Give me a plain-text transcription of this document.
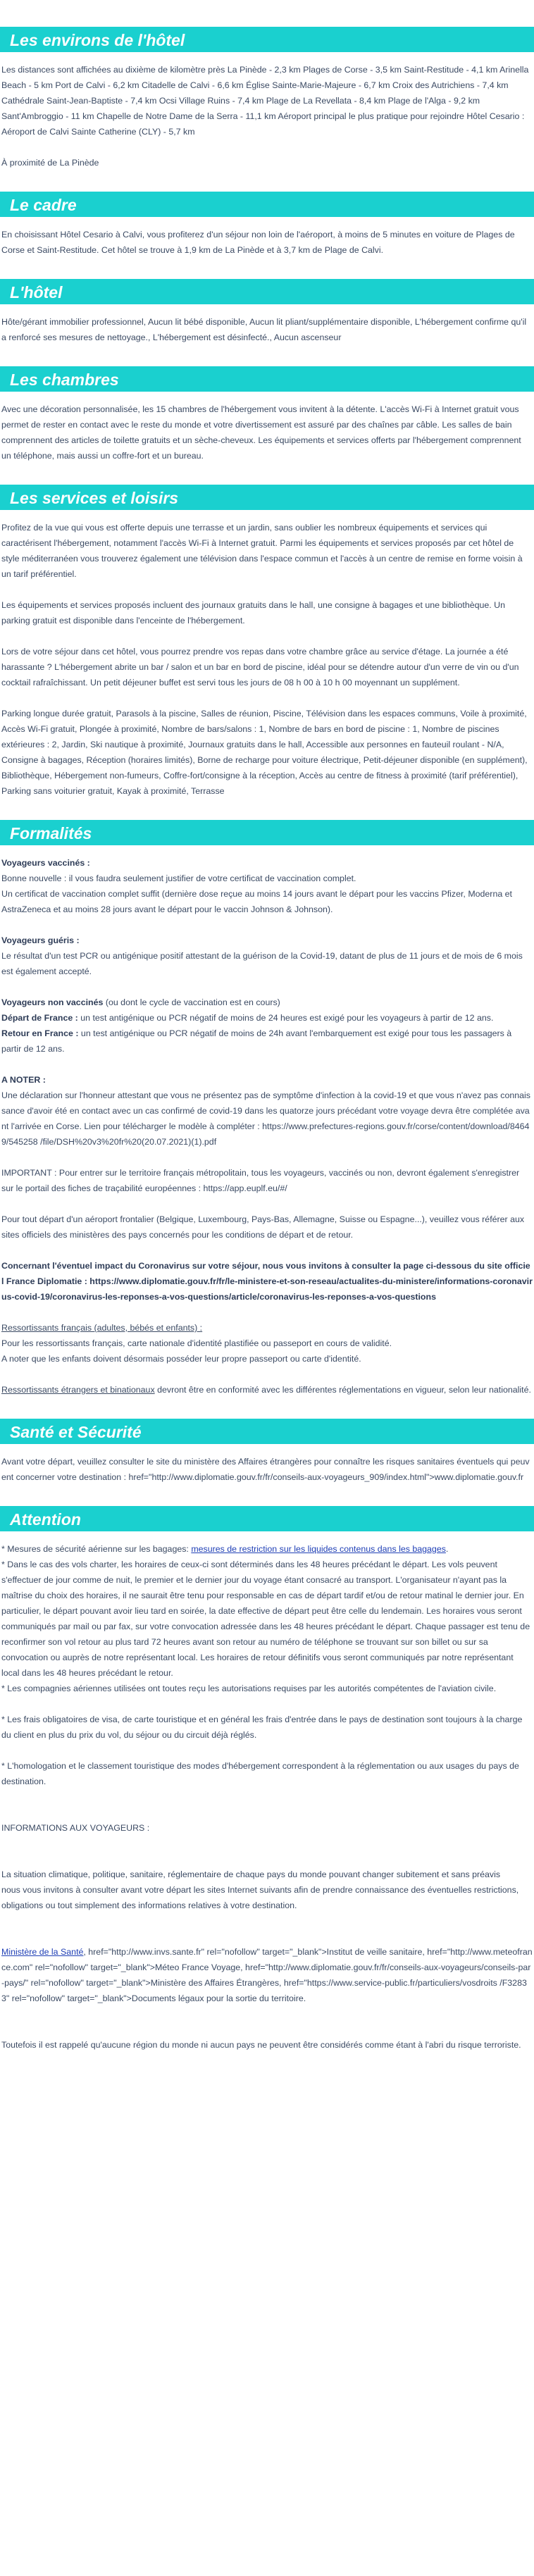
Les environs de l'hôtel

Les distances sont affichées au dixième de kilomètre près La Pinède - 2,3 km Plages de Corse - 3,5 km Saint-Restitude - 4,1 km Arinella Beach - 5 km Port de Calvi - 6,2 km Citadelle de Calvi - 6,6 km Église Sainte-Marie-Majeure - 6,7 km Croix des Autrichiens - 7,4 km Cathédrale Saint-Jean-Baptiste - 7,4 km Ocsi Village Ruins - 7,4 km Plage de La Revellata - 8,4 km Plage de l'Alga - 9,2 km Sant'Ambroggio - 11 km Chapelle de Notre Dame de la Serra - 11,1 km Aéroport principal le plus pratique pour rejoindre Hôtel Cesario : Aéroport de Calvi Sainte Catherine (CLY) - 5,7 km

À proximité de La Pinède

Le cadre

En choisissant Hôtel Cesario à Calvi, vous profiterez d'un séjour non loin de l'aéroport, à moins de 5 minutes en voiture de Plages de Corse et Saint-Restitude. Cet hôtel se trouve à 1,9 km de La Pinède et à 3,7 km de Plage de Calvi.

L'hôtel

Hôte/gérant immobilier professionnel, Aucun lit bébé disponible, Aucun lit pliant/supplémentaire disponible, L'hébergement confirme qu'il a renforcé ses mesures de nettoyage., L'hébergement est désinfecté., Aucun ascenseur

Les chambres

Avec une décoration personnalisée, les 15 chambres de l'hébergement vous invitent à la détente. L'accès Wi-Fi à Internet gratuit vous permet de rester en contact avec le reste du monde et votre divertissement est assuré par des chaînes par câble. Les salles de bain comprennent des articles de toilette gratuits et un sèche-cheveux. Les équipements et services offerts par l'hébergement comprennent un téléphone, mais aussi un coffre-fort et un bureau.

Les services et loisirs

Profitez de la vue qui vous est offerte depuis une terrasse et un jardin, sans oublier les nombreux équipements et services qui caractérisent l'hébergement, notamment l'accès Wi-Fi à Internet gratuit. Parmi les équipements et services proposés par cet hôtel de style méditerranéen vous trouverez également une télévision dans l'espace commun et l'accès à un centre de remise en forme voisin à un tarif préférentiel.

Les équipements et services proposés incluent des journaux gratuits dans le hall, une consigne à bagages et une bibliothèque. Un parking gratuit est disponible dans l'enceinte de l'hébergement.

Lors de votre séjour dans cet hôtel, vous pourrez prendre vos repas dans votre chambre grâce au service d'étage. La journée a été harassante ? L'hébergement abrite un bar / salon et un bar en bord de piscine, idéal pour se détendre autour d'un verre de vin ou d'un cocktail rafraîchissant. Un petit déjeuner buffet est servi tous les jours de 08 h 00 à 10 h 00 moyennant un supplément.

Parking longue durée gratuit, Parasols à la piscine, Salles de réunion, Piscine, Télévision dans les espaces communs, Voile à proximité, Accès Wi-Fi gratuit, Plongée à proximité, Nombre de bars/salons : 1, Nombre de bars en bord de piscine : 1, Nombre de piscines extérieures : 2, Jardin, Ski nautique à proximité, Journaux gratuits dans le hall, Accessible aux personnes en fauteuil roulant - N/A, Consigne à bagages, Réception (horaires limités), Borne de recharge pour voiture électrique, Petit-déjeuner disponible (en supplément), Bibliothèque, Hébergement non-fumeurs, Coffre-fort/consigne à la réception, Accès au centre de fitness à proximité (tarif préférentiel), Parking sans voiturier gratuit, Kayak à proximité, Terrasse

Formalités

Voyageurs vaccinés :

Bonne nouvelle : il vous faudra seulement justifier de votre certificat de vaccination complet.

Un certificat de vaccination complet suffit (dernière dose reçue au moins 14 jours avant le départ pour les vaccins Pfizer, Moderna et AstraZeneca et au moins 28 jours avant le départ pour le vaccin Johnson & Johnson).

Voyageurs guéris :

Le résultat d'un test PCR ou antigénique positif attestant de la guérison de la Covid-19, datant de plus de 11 jours et de mois de 6 mois est également accepté.

Voyageurs non vaccinés (ou dont le cycle de vaccination est en cours)

Départ de France : un test antigénique ou PCR négatif de moins de 24 heures est exigé pour les voyageurs à partir de 12 ans.

Retour en France : un test antigénique ou PCR négatif de moins de 24h avant l'embarquement est exigé pour tous les passagers à partir de 12 ans.

A NOTER :

Une déclaration sur l'honneur attestant que vous ne présentez pas de symptôme d'infection à la covid-19 et que vous n'avez pas connaissance d'avoir été en contact avec un cas confirmé de covid-19 dans les quatorze jours précédant votre voyage devra être complétée avant l'arrivée en Corse. Lien pour télécharger le modèle à compléter : https://www.prefectures-regions.gouv.fr/corse/content/download/84649/545258 /file/DSH%20v3%20fr%20(20.07.2021)(1).pdf

IMPORTANT : Pour entrer sur le territoire français métropolitain, tous les voyageurs, vaccinés ou non, devront également s'enregistrer sur le portail des fiches de traçabilité européennes : https://app.euplf.eu/#/

Pour tout départ d'un aéroport frontalier (Belgique, Luxembourg, Pays-Bas, Allemagne, Suisse ou Espagne...), veuillez vous référer aux sites officiels des ministères des pays concernés pour les conditions de départ et de retour.

Concernant l'éventuel impact du Coronavirus sur votre séjour, nous vous invitons à consulter la page ci-dessous du site officiel France Diplomatie : https://www.diplomatie.gouv.fr/fr/le-ministere-et-son-reseau/actualites-du-ministere/informations-coronavirus-covid-19/coronavirus-les-reponses-a-vos-questions/article/coronavirus-les-reponses-a-vos-questions

Ressortissants français (adultes, bébés et enfants) :

Pour les ressortissants français, carte nationale d'identité plastifiée ou passeport en cours de validité.

A noter que les enfants doivent désormais posséder leur propre passeport ou carte d'identité.

Ressortissants étrangers et binationaux devront être en conformité avec les différentes réglementations en vigueur, selon leur nationalité.

Santé et Sécurité

Avant votre départ, veuillez consulter le site du ministère des Affaires étrangères pour connaître les risques sanitaires éventuels qui peuvent concerner votre destination : href="http://www.diplomatie.gouv.fr/fr/conseils-aux-voyageurs_909/index.html">www.diplomatie.gouv.fr

Attention

* Mesures de sécurité aérienne sur les bagages: mesures de restriction sur les liquides contenus dans les bagages.

* Dans le cas des vols charter, les horaires de ceux-ci sont déterminés dans les 48 heures précédant le départ. Les vols peuvent s'effectuer de jour comme de nuit, le premier et le dernier jour du voyage étant consacré au transport. L'organisateur n'ayant pas la maîtrise du choix des horaires, il ne saurait être tenu pour responsable en cas de départ tardif et/ou de retour matinal le dernier jour. En particulier, le départ pouvant avoir lieu tard en soirée, la date effective de départ peut être celle du lendemain. Les horaires vous seront communiqués par mail ou par fax, sur votre convocation adressée dans les 48 heures précédant le départ. Chaque passager est tenu de reconfirmer son vol retour au plus tard 72 heures avant son retour au numéro de téléphone se trouvant sur son billet ou sur sa convocation ou auprès de notre représentant local. Les horaires de retour définitifs vous seront communiqués par notre représentant local dans les 48 heures précédant le retour.

* Les compagnies aériennes utilisées ont toutes reçu les autorisations requises par les autorités compétentes de l'aviation civile.

* Les frais obligatoires de visa, de carte touristique et en général les frais d'entrée dans le pays de destination sont toujours à la charge du client en plus du prix du vol, du séjour ou du circuit déjà réglés.

* L'homologation et le classement touristique des modes d'hébergement correspondent à la réglementation ou aux usages du pays de destination.

INFORMATIONS AUX VOYAGEURS :

La situation climatique, politique, sanitaire, réglementaire de chaque pays du monde pouvant changer subitement et sans préavis

nous vous invitons à consulter avant votre départ les sites Internet suivants afin de prendre connaissance des éventuelles restrictions, obligations ou tout simplement des informations relatives à votre destination.

Ministère de la Santé, href="http://www.invs.sante.fr" rel="nofollow" target="_blank">Institut de veille sanitaire, href="http://www.meteofrance.com" rel="nofollow" target="_blank">Méteo France Voyage, href="http://www.diplomatie.gouv.fr/fr/conseils-aux-voyageurs/conseils-par-pays/" rel="nofollow" target="_blank">Ministère des Affaires Étrangères, href="https://www.service-public.fr/particuliers/vosdroits /F32833" rel="nofollow" target="_blank">Documents légaux pour la sortie du territoire.

Toutefois il est rappelé qu'aucune région du monde ni aucun pays ne peuvent être considérés comme étant à l'abri du risque terroriste.
